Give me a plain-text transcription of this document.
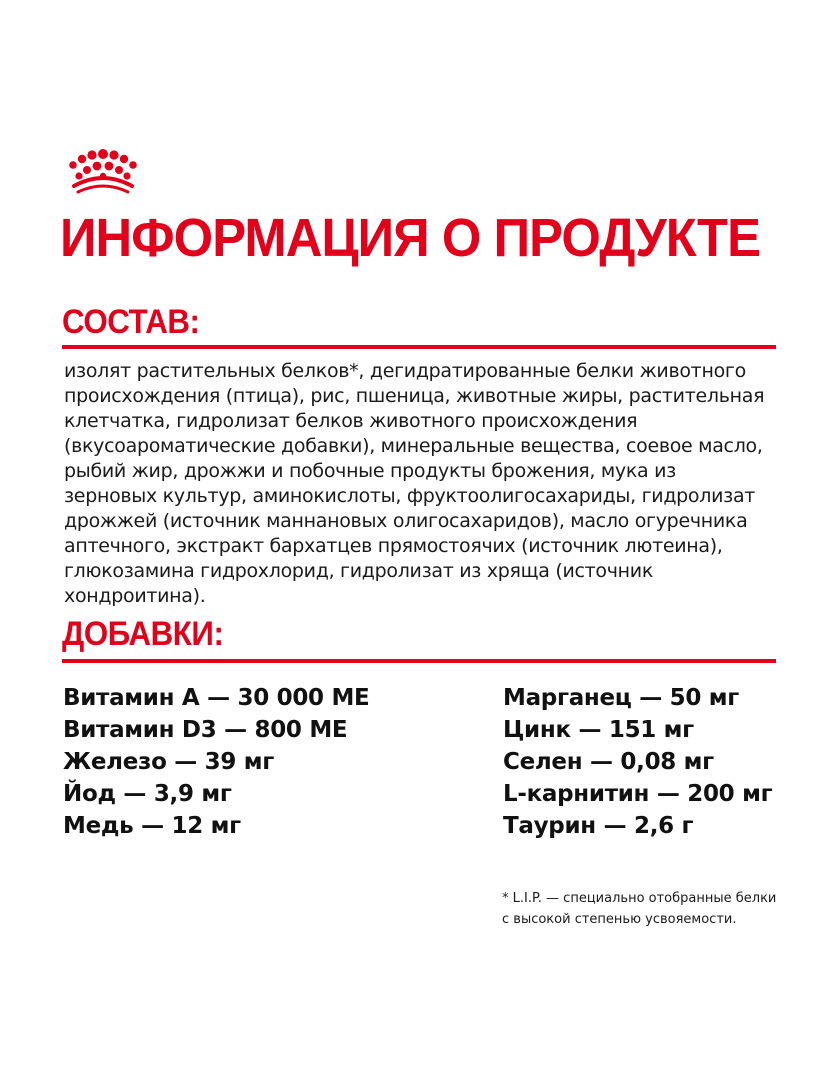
ИНФОРМАЦИЯ О ПРОДУКТЕ
СОСТАВ:

изолят растительных белков*, дегидратированные белки животного происхождения (птица), рис, пшеница, животные жиры, растительная клетчатка, гидролизат белков животного происхождения (вкусоароматические добавки), минеральные вещества, соевое масло, рыбий жир, дрожжи и побочные продукты брожения, мука из зерновых культур, аминокислоты, фруктоолигосахариды, гидролизат дрожжей (источник маннановых олигосахаридов), масло огуречника аптечного, экстракт бархатцев прямостоячих (источник лютеина), глюкозамина гидрохлорид, гидролизат из хряща (источник хондроитина).

ДОБАВКИ:
Витамин А — 30 000 МЕ
Витамин D3 — 800 МЕ
Железо — 39 мг
Йод — 3,9 мг
Медь — 12 мг
Марганец — 50 мг
Цинк — 151 мг
Селен — 0,08 мг
L-карнитин — 200 мг
Таурин — 2,6 г
* L.I.P. — специально отобранные белки
с высокой степенью усвояемости.
